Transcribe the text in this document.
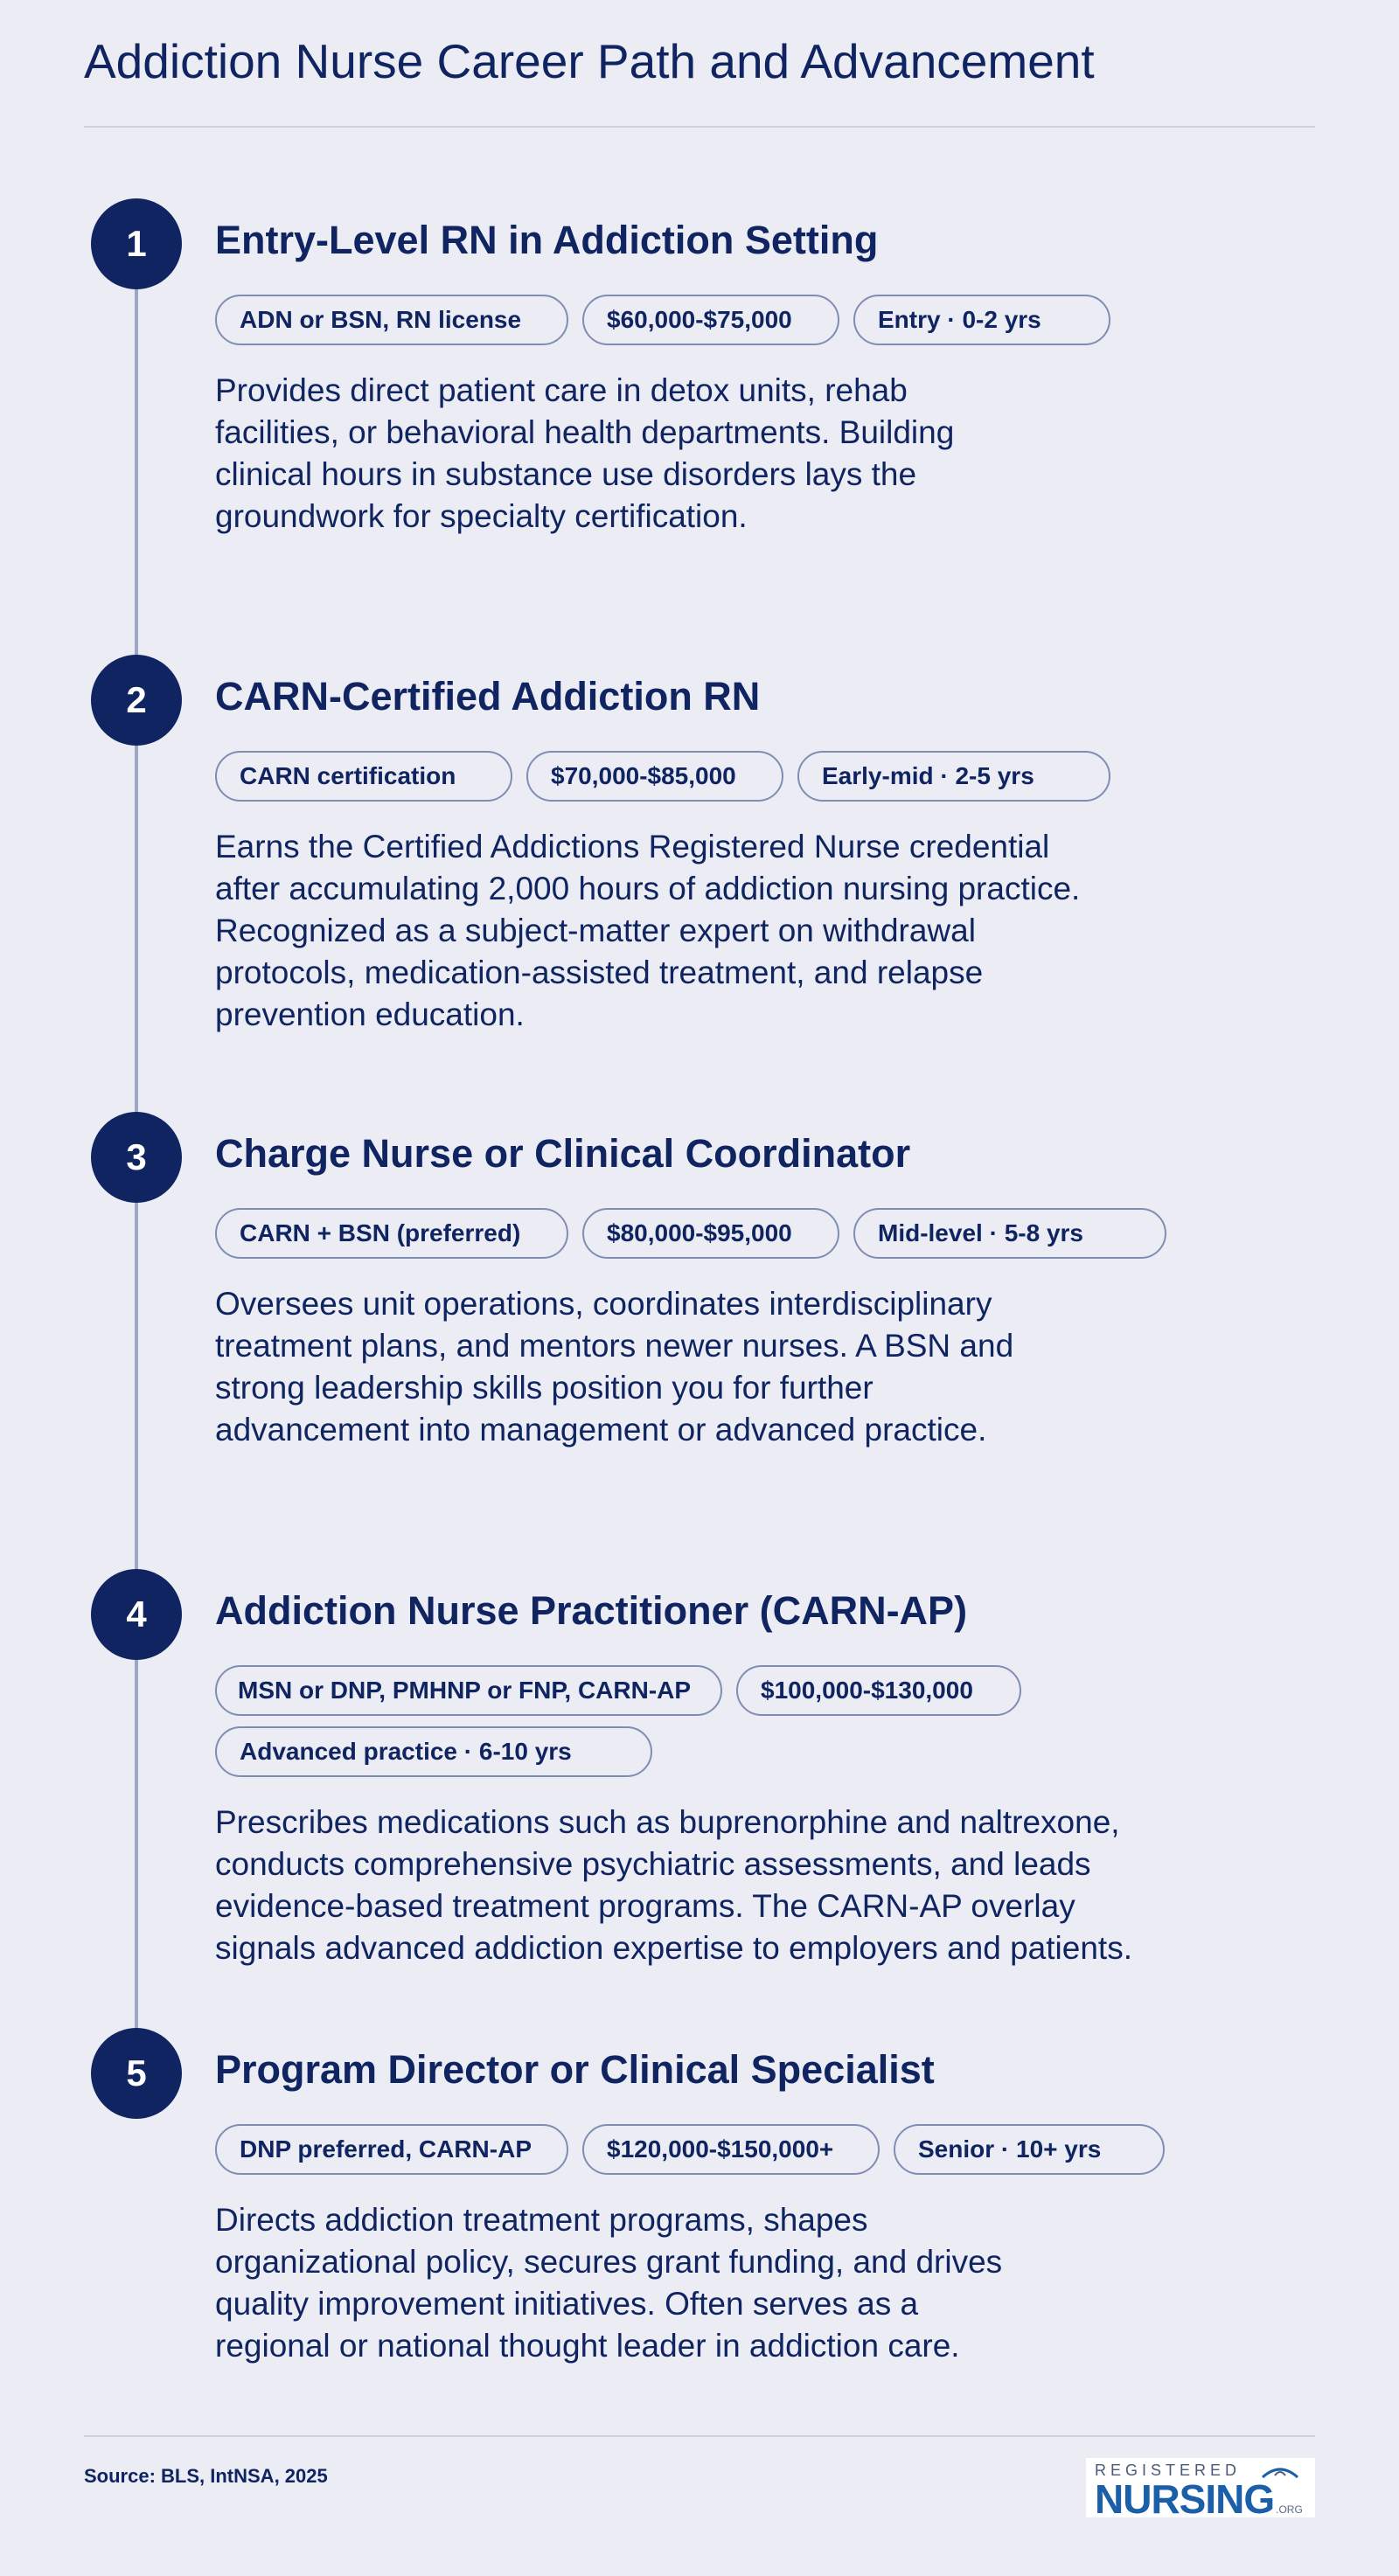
Addiction Nurse Career Path and Advancement
1	Entry-Level RN in Addiction Setting
ADN or BSN, RN license	$60,000-$75,000	Entry · 0-2 yrs

Provides direct patient care in detox units, rehab facilities, or behavioral health departments. Building clinical hours in substance use disorders lays the groundwork for specialty certification.

2	CARN-Certified Addiction RN
CARN certification	$70,000-$85,000	Early-mid · 2-5 yrs

Earns the Certified Addictions Registered Nurse credential after accumulating 2,000 hours of addiction nursing practice. Recognized as a subject-matter expert on withdrawal protocols, medication-assisted treatment, and relapse prevention education.

3	Charge Nurse or Clinical Coordinator
CARN + BSN (preferred)	$80,000-$95,000	Mid-level · 5-8 yrs

Oversees unit operations, coordinates interdisciplinary treatment plans, and mentors newer nurses. A BSN and strong leadership skills position you for further advancement into management or advanced practice.

4	Addiction Nurse Practitioner (CARN-AP)
MSN or DNP, PMHNP or FNP, CARN-AP	$100,000-$130,000
Advanced practice · 6-10 yrs

Prescribes medications such as buprenorphine and naltrexone, conducts comprehensive psychiatric assessments, and leads evidence-based treatment programs. The CARN-AP overlay signals advanced addiction expertise to employers and patients.

5	Program Director or Clinical Specialist
DNP preferred, CARN-AP	$120,000-$150,000+	Senior · 10+ yrs

Directs addiction treatment programs, shapes organizational policy, secures grant funding, and drives quality improvement initiatives. Often serves as a regional or national thought leader in addiction care.

Source: BLS, IntNSA, 2025	REGISTERED
NURSING .ORG
